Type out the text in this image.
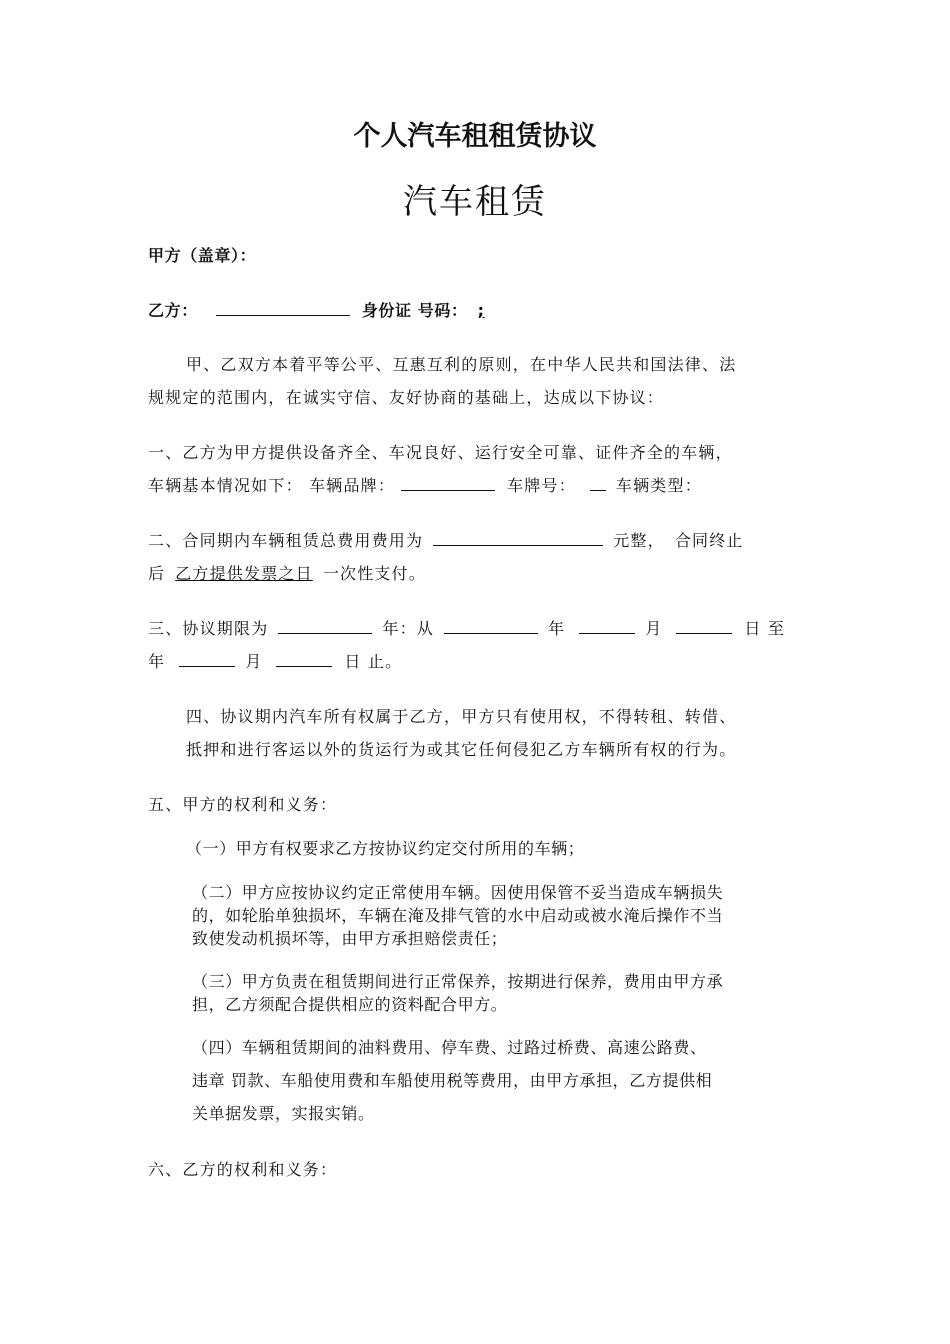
个人汽车租租赁协议
汽车租赁
甲方（盖章）：
乙方：	身份证 号码： ;
甲、乙双方本着平等公平、互惠互利的原则，在中华人民共和国法律、法
规规定的范围内，在诚实守信、友好协商的基础上，达成以下协议：
一、乙方为甲方提供设备齐全、车况良好、运行安全可靠、证件齐全的车辆，
车辆基本情况如下： 车辆品牌：	车牌号：	车辆类型：
二、合同期内车辆租赁总费用费用为	元整， 合同终止
后 乙方提供发票之日 一次性支付。
三、协议期限为	年：从	年	月	日 至
年	月	日 止。
四、协议期内汽车所有权属于乙方，甲方只有使用权，不得转租、转借、
抵押和进行客运以外的货运行为或其它任何侵犯乙方车辆所有权的行为。
五、甲方的权利和义务：
（一）甲方有权要求乙方按协议约定交付所用的车辆；
（二）甲方应按协议约定正常使用车辆。因使用保管不妥当造成车辆损失
的，如轮胎单独损坏，车辆在淹及排气管的水中启动或被水淹后操作不当
致使发动机损坏等，由甲方承担赔偿责任；
（三）甲方负责在租赁期间进行正常保养，按期进行保养，费用由甲方承
担，乙方须配合提供相应的资料配合甲方。
（四）车辆租赁期间的油料费用、停车费、过路过桥费、高速公路费、
违章 罚款、车船使用费和车船使用税等费用，由甲方承担，乙方提供相
关单据发票，实报实销。
六、乙方的权利和义务：
